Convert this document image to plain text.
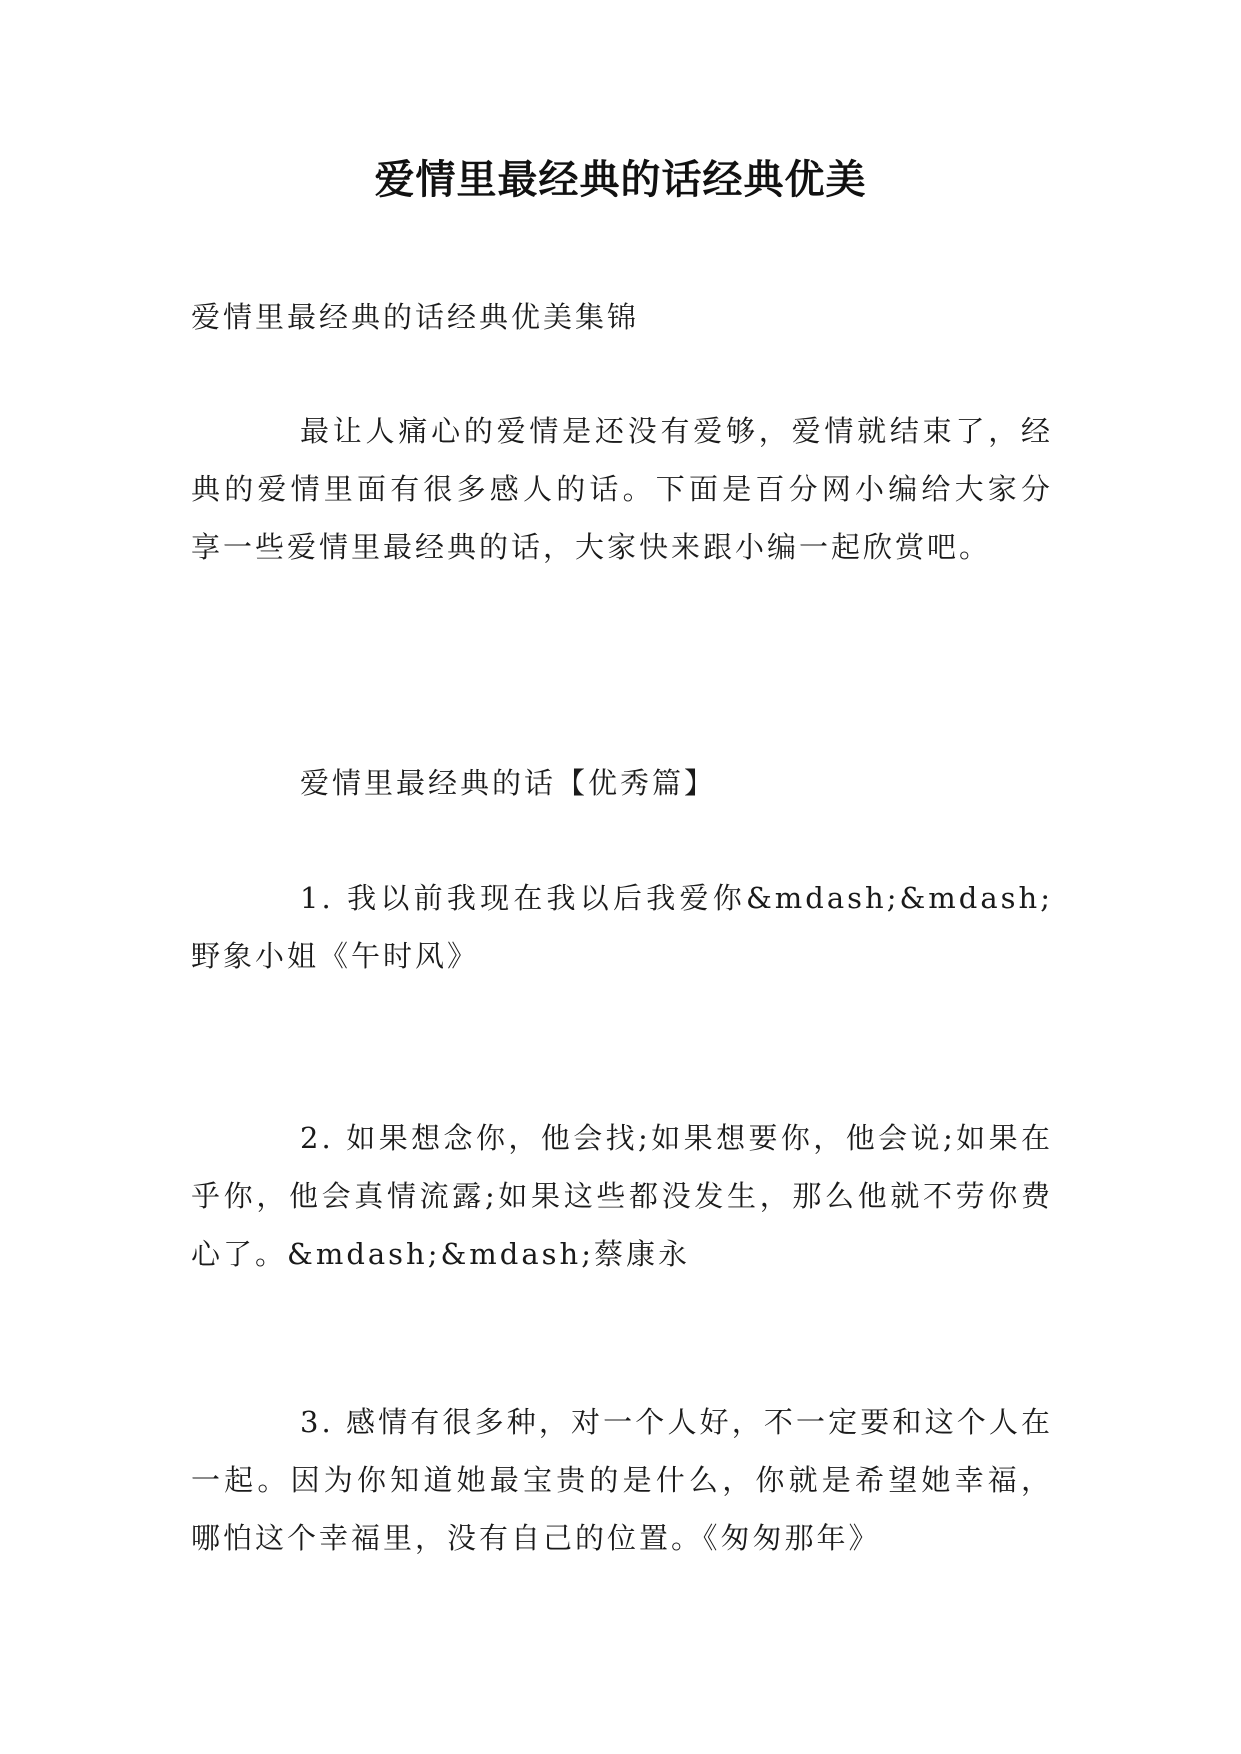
爱情里最经典的话经典优美
爱情里最经典的话经典优美集锦
最让人痛心的爱情是还没有爱够，爱情就结束了，经典的爱情里面有很多感人的话。下面是百分网小编给大家分享一些爱情里最经典的话，大家快来跟小编一起欣赏吧。
爱情里最经典的话【优秀篇】
1. 我以前我现在我以后我爱你&mdash;&mdash;野象小姐《午时风》
2. 如果想念你，他会找;如果想要你，他会说;如果在乎你，他会真情流露;如果这些都没发生，那么他就不劳你费心了。&mdash;&mdash;蔡康永
3. 感情有很多种，对一个人好，不一定要和这个人在一起。因为你知道她最宝贵的是什么，你就是希望她幸福，哪怕这个幸福里，没有自己的位置。《匆匆那年》
